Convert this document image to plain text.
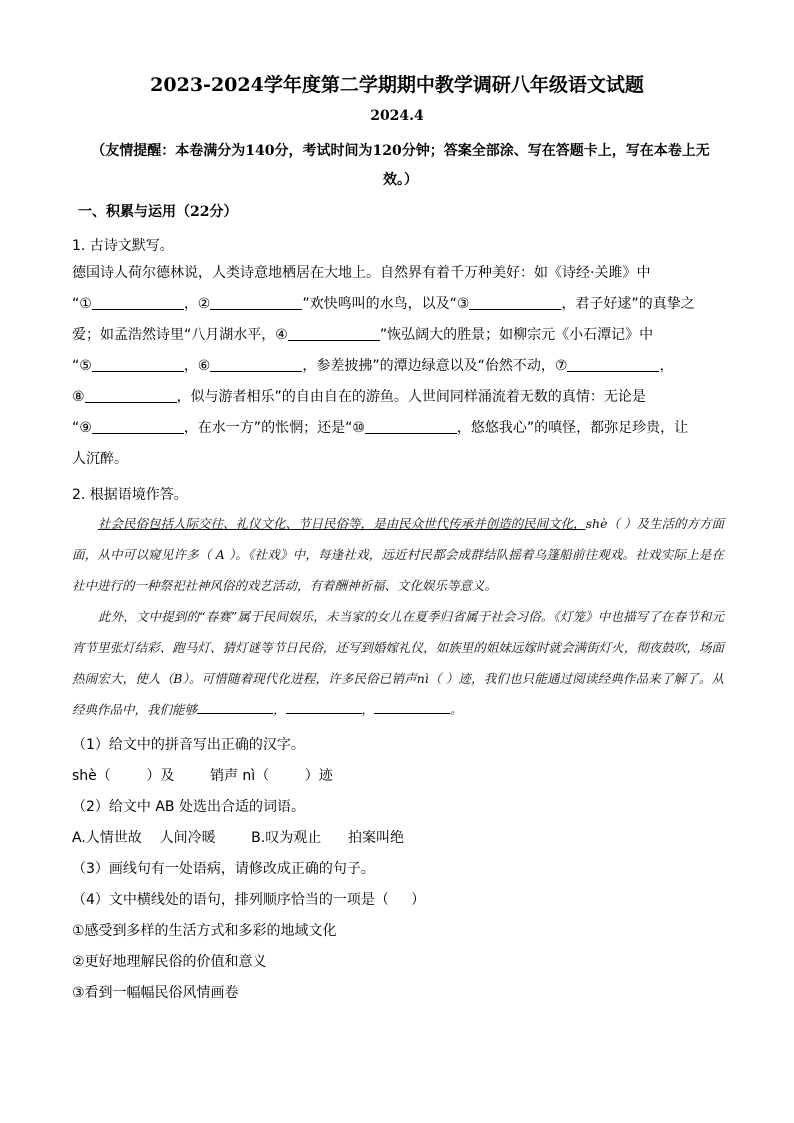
2023-2024学年度第二学期期中教学调研八年级语文试题
2024.4
（友情提醒：本卷满分为140分，考试时间为120分钟；答案全部涂、写在答题卡上，写在本卷上无效。）
一、积累与运用（22分）
1. 古诗文默写。
德国诗人荷尔德林说，人类诗意地栖居在大地上。自然界有着千万种美好：如《诗经·关雎》中
“①	，②	”欢快鸣叫的水鸟，以及“③	，君子好逑”的真挚之
爱；如孟浩然诗里“八月湖水平，④	”恢弘阔大的胜景；如柳宗元《小石潭记》中
“⑤	，⑥	，参差披拂”的潭边绿意以及“佁然不动，⑦	，
⑧	，似与游者相乐”的自由自在的游鱼。人世间同样涌流着无数的真情：无论是
“⑨	，在水一方”的怅惘；还是“⑩	，悠悠我心”的嗔怪，都弥足珍贵，让
人沉醉。
2. 根据语境作答。

社会民俗包括人际交往、礼仪文化、节日民俗等，是由民众世代传承并创造的民间文化，shè（ ）及生活的方方面面，从中可以窥见许多（ A ）。《社戏》中，每逢社戏，远近村民都会成群结队摇着乌篷船前往观戏。社戏实际上是在社中进行的一种祭祀社神风俗的戏艺活动，有着酬神祈福、文化娱乐等意义。

此外，文中提到的“春赛”属于民间娱乐，未当家的女儿在夏季归省属于社会习俗。《灯笼》中也描写了在春节和元宵节里张灯结彩、跑马灯、猜灯谜等节日民俗，还写到婚嫁礼仪，如族里的姐妹远嫁时就会满街灯火，彻夜鼓吹，场面热闹宏大，使人（B）。可惜随着现代化进程，许多民俗已销声nì（ ）迹，我们也只能通过阅读经典作品来了解了。从经典作品中，我们能够	，	，	。

（1）给文中的拼音写出正确的汉字。
shè（        ）及        销声 nì（        ）迹
（2）给文中 AB 处选出合适的词语。
A.人情世故    人间冷暖        B.叹为观止      拍案叫绝
（3）画线句有一处语病，请修改成正确的句子。
（4）文中横线处的语句，排列顺序恰当的一项是（     ）
①感受到多样的生活方式和多彩的地域文化
②更好地理解民俗的价值和意义
③看到一幅幅民俗风情画卷
